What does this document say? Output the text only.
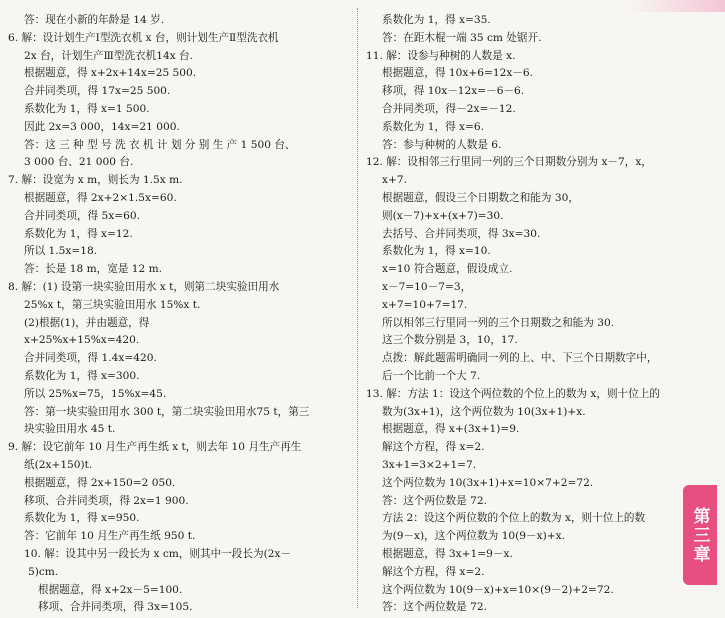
答：现在小新的年龄是 14 岁.
6. 解：设计划生产Ⅰ型洗衣机 x 台，则计划生产Ⅱ型洗衣机
2x 台，计划生产Ⅲ型洗衣机14x 台.
根据题意，得 x+2x+14x=25 500.
合并同类项，得 17x=25 500.
系数化为 1，得 x=1 500.
因此 2x=3 000，14x=21 000.
答：这 三 种 型 号 洗 衣 机 计 划 分 别 生 产 1 500 台、
3 000 台、21 000 台.
7. 解：设宽为 x m，则长为 1.5x m.
根据题意，得 2x+2×1.5x=60.
合并同类项，得 5x=60.
系数化为 1，得 x=12.
所以 1.5x=18.
答：长是 18 m，宽是 12 m.
8. 解：(1) 设第一块实验田用水 x t，则第二块实验田用水
25%x t，第三块实验田用水 15%x t.
(2)根据(1)，并由题意，得
x+25%x+15%x=420.
合并同类项，得 1.4x=420.
系数化为 1，得 x=300.
所以 25%x=75，15%x=45.
答：第一块实验田用水 300 t，第二块实验田用水75 t，第三
块实验田用水 45 t.
9. 解：设它前年 10 月生产再生纸 x t，则去年 10 月生产再生
纸(2x+150)t.
根据题意，得 2x+150=2 050.
移项、合并同类项，得 2x=1 900.
系数化为 1，得 x=950.
答：它前年 10 月生产再生纸 950 t.
10. 解：设其中另一段长为 x cm，则其中一段长为(2x－
5)cm.
根据题意，得 x+2x－5=100.
移项、合并同类项，得 3x=105.
系数化为 1，得 x=35.
答：在距木棍一端 35 cm 处锯开.
11. 解：设参与种树的人数是 x.
根据题意，得 10x+6=12x－6.
移项，得 10x－12x=－6－6.
合并同类项，得－2x=－12.
系数化为 1，得 x=6.
答：参与种树的人数是 6.
12. 解：设相邻三行里同一列的三个日期数分别为 x－7，x，
x+7.
根据题意，假设三个日期数之和能为 30，
则(x－7)+x+(x+7)=30.
去括号、合并同类项，得 3x=30.
系数化为 1，得 x=10.
x=10 符合题意，假设成立.
x－7=10－7=3，
x+7=10+7=17.
所以相邻三行里同一列的三个日期数之和能为 30.
这三个数分别是 3，10，17.
点拨：解此题需明确同一列的上、中、下三个日期数字中，
后一个比前一个大 7.
13. 解：方法 1：设这个两位数的个位上的数为 x，则十位上的
数为(3x+1)，这个两位数为 10(3x+1)+x.
根据题意，得 x+(3x+1)=9.
解这个方程，得 x=2.
3x+1=3×2+1=7.
这个两位数为 10(3x+1)+x=10×7+2=72.
答：这个两位数是 72.
方法 2：设这个两位数的个位上的数为 x，则十位上的数
为(9－x)，这个两位数为 10(9－x)+x.
根据题意，得 3x+1=9－x.
解这个方程，得 x=2.
这个两位数为 10(9－x)+x=10×(9－2)+2=72.
答：这个两位数是 72.
第三章
